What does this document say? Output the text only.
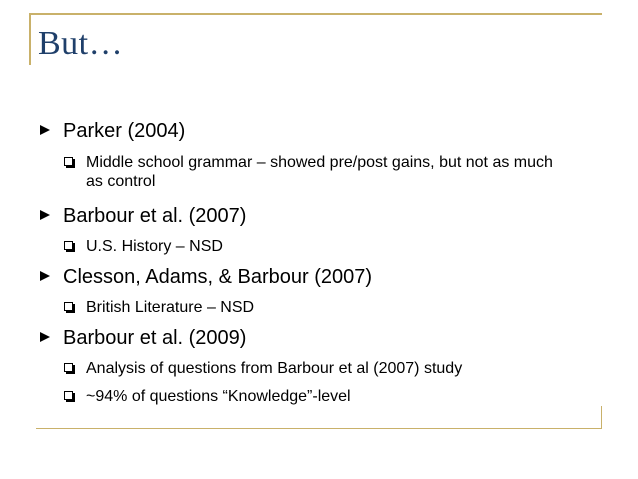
But…
Parker (2004)
Middle school grammar – showed pre/post gains, but not as much as control
Barbour et al. (2007)
U.S. History – NSD
Clesson, Adams, & Barbour (2007)
British Literature – NSD
Barbour et al. (2009)
Analysis of questions from Barbour et al (2007) study
~94% of questions “Knowledge”-level
